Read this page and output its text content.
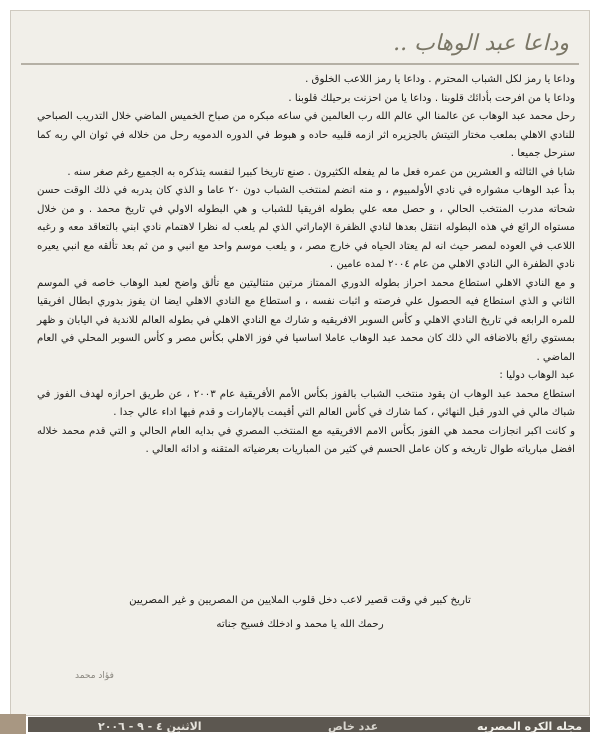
وداعا عبد الوهاب ..

وداعا يا رمز لكل الشباب المحترم . وداعا يا رمز اللاعب الخلوق .

وداعا يا من افرحت بأدائك قلوبنا . وداعا يا من احزنت برحيلك قلوبنا .

رحل محمد عبد الوهاب عن عالمنا الي عالم الله رب العالمين في ساعه مبكره من صباح الخميس الماضي خلال التدريب الصباحي للنادي الاهلي بملعب مختار التيتش بالجزيره اثر ازمه قلبيه حاده و هبوط في الدوره الدمويه رحل من خلاله في ثوان الي ربه كما سنرحل جميعا .

شابا في الثالثه و العشرين من عمره فعل ما لم يفعله الكثيرون . صنع تاريخا كبيرا لنفسه يتذكره به الجميع رغم صغر سنه .

بدأ عبد الوهاب مشواره في نادي الأولمبيوم ، و منه انضم لمنتخب الشباب دون ٢٠ عاما و الذي كان يدربه في ذلك الوقت حسن شحاته مدرب المنتخب الحالي ، و حصل معه علي بطوله افريقيا للشباب و هي البطوله الاولي في تاريخ محمد . و من خلال مستواه الرائع في هذه البطوله انتقل بعدها لنادي الظفرة الإماراتي الذي لم يلعب له نظرا لاهتمام نادي ابني بالتعاقد معه و رغبه اللاعب في العوده لمصر حيث انه لم يعتاد الحياه في خارج مصر ، و يلعب موسم واحد مع انبي و من ثم بعد تألقه مع انبي يعيره نادي الظفرة الي النادي الاهلي من عام ٢٠٠٤ لمده عامين .

و مع النادي الاهلي استطاع محمد احراز بطوله الدوري الممتاز مرتين متتاليتين مع تألق واضح لعبد الوهاب خاصه في الموسم الثاني و الذي استطاع فيه الحصول علي فرصته و اثبات نفسه ، و استطاع مع النادي الاهلي ايضا ان يفوز بدوري ابطال افريقيا للمره الرابعه في تاريخ النادي الاهلي و كأس السوبر الافريقيه و شارك مع النادي الاهلي في بطوله العالم للاندية في اليابان و ظهر بمستوي رائع بالاضافه الي ذلك كان محمد عبد الوهاب عاملا اساسيا في فوز الاهلي بكأس مصر و كأس السوبر المحلي في العام الماضي .

عبد الوهاب دوليا :

استطاع محمد عبد الوهاب ان يقود منتخب الشباب بالفوز بكأس الأمم الأفريقية عام ٢٠٠٣ ، عن طريق احرازه لهدف الفوز في شباك مالي في الدور قبل النهائي ، كما شارك في كأس العالم التي أقيمت بالإمارات و قدم فيها اداء عالي جدا .

و كانت اكبر انجازات محمد هي الفوز بكأس الامم الافريقيه مع المنتخب المصري في بدايه العام الحالي و التي قدم محمد خلاله افضل مبارياته طوال تاريخه و كان عامل الحسم في كثير من المباريات بعرضياته المتقنه و ادائه العالي .

تاريخ كبير في وقت قصير لاعب دخل قلوب الملايين من المصريين و غير المصريين

رحمك الله يا محمد و ادخلك فسيح جناته

فؤاد محمد
مجله الكره المصريه
عدد خاص
الاثنين ٤ - ٩ - ٢٠٠٦
